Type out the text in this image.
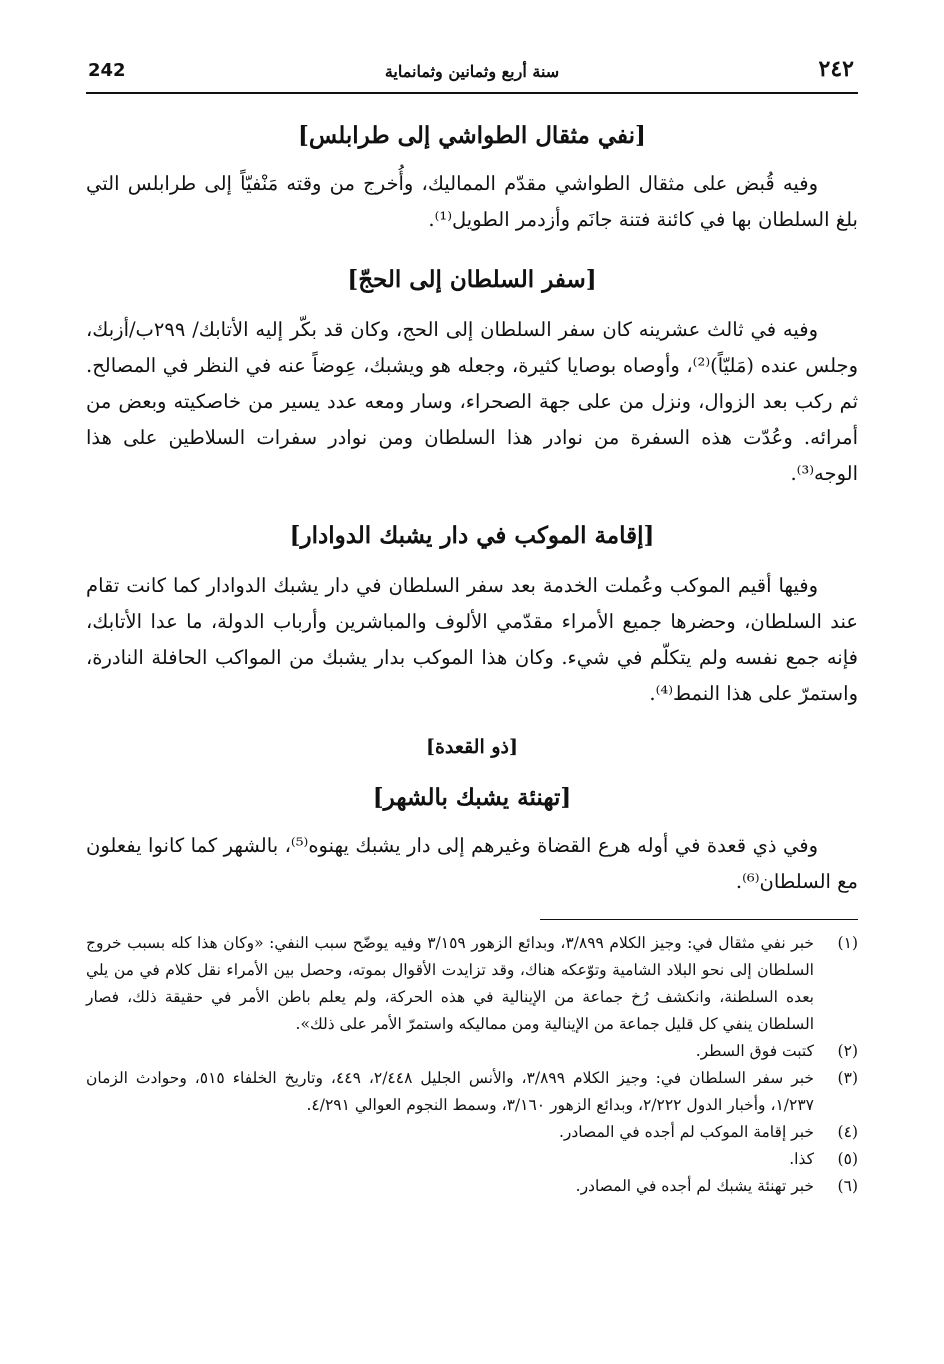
242	سنة أربع وثمانين وثمانماية	٢٤٢
[نفي مثقال الطواشي إلى طرابلس]

وفيه قُبض على مثقال الطواشي مقدّم المماليك، وأُخرج من وقته مَنْفيّاً إلى طرابلس التي بلغ السلطان بها في كائنة فتنة جانَم وأزدمر الطويل⁽¹⁾.

[سفر السلطان إلى الحجّ]

وفيه في ثالث عشرينه كان سفر السلطان إلى الحج، وكان قد بكّر إليه الأتابك/ ٢٩٩ب/أزبك، وجلس عنده (مَليّاً)⁽²⁾، وأوصاه بوصايا كثيرة، وجعله هو ويشبك، عِوضاً عنه في النظر في المصالح. ثم ركب بعد الزوال، ونزل من على جهة الصحراء، وسار ومعه عدد يسير من خاصكيته وبعض من أمرائه. وعُدّت هذه السفرة من نوادر هذا السلطان ومن نوادر سفرات السلاطين على هذا الوجه⁽³⁾.

[إقامة الموكب في دار يشبك الدوادار]

وفيها أقيم الموكب وعُملت الخدمة بعد سفر السلطان في دار يشبك الدوادار كما كانت تقام عند السلطان، وحضرها جميع الأمراء مقدّمي الألوف والمباشرين وأرباب الدولة، ما عدا الأتابك، فإنه جمع نفسه ولم يتكلّم في شيء. وكان هذا الموكب بدار يشبك من المواكب الحافلة النادرة، واستمرّ على هذا النمط⁽⁴⁾.

[ذو القعدة]
[تهنئة يشبك بالشهر]

وفي ذي قعدة في أوله هرع القضاة وغيرهم إلى دار يشبك يهنوه⁽⁵⁾، بالشهر كما كانوا يفعلون مع السلطان⁽⁶⁾.

(١)
خبر نفي مثقال في: وجيز الكلام ٣/٨٩٩، وبدائع الزهور ٣/١٥٩ وفيه يوضّح سبب النفي: «وكان هذا كله بسبب خروج السلطان إلى نحو البلاد الشامية وتوّعكه هناك، وقد تزايدت الأقوال بموته، وحصل بين الأمراء نقل كلام في من يلي بعده السلطنة، وانكشف رُخ جماعة من الإينالية في هذه الحركة، ولم يعلم باطن الأمر في حقيقة ذلك، فصار السلطان ينفي كل قليل جماعة من الإينالية ومن مماليكه واستمرّ الأمر على ذلك».
(٢)
كتبت فوق السطر.
(٣)
خبر سفر السلطان في: وجيز الكلام ٣/٨٩٩، والأنس الجليل ٢/٤٤٨، ٤٤٩، وتاريخ الخلفاء ٥١٥، وحوادث الزمان ١/٢٣٧، وأخبار الدول ٢/٢٢٢، وبدائع الزهور ٣/١٦٠، وسمط النجوم العوالي ٤/٢٩١.
(٤)
خبر إقامة الموكب لم أجده في المصادر.
(٥)
كذا.
(٦)
خبر تهنئة يشبك لم أجده في المصادر.
